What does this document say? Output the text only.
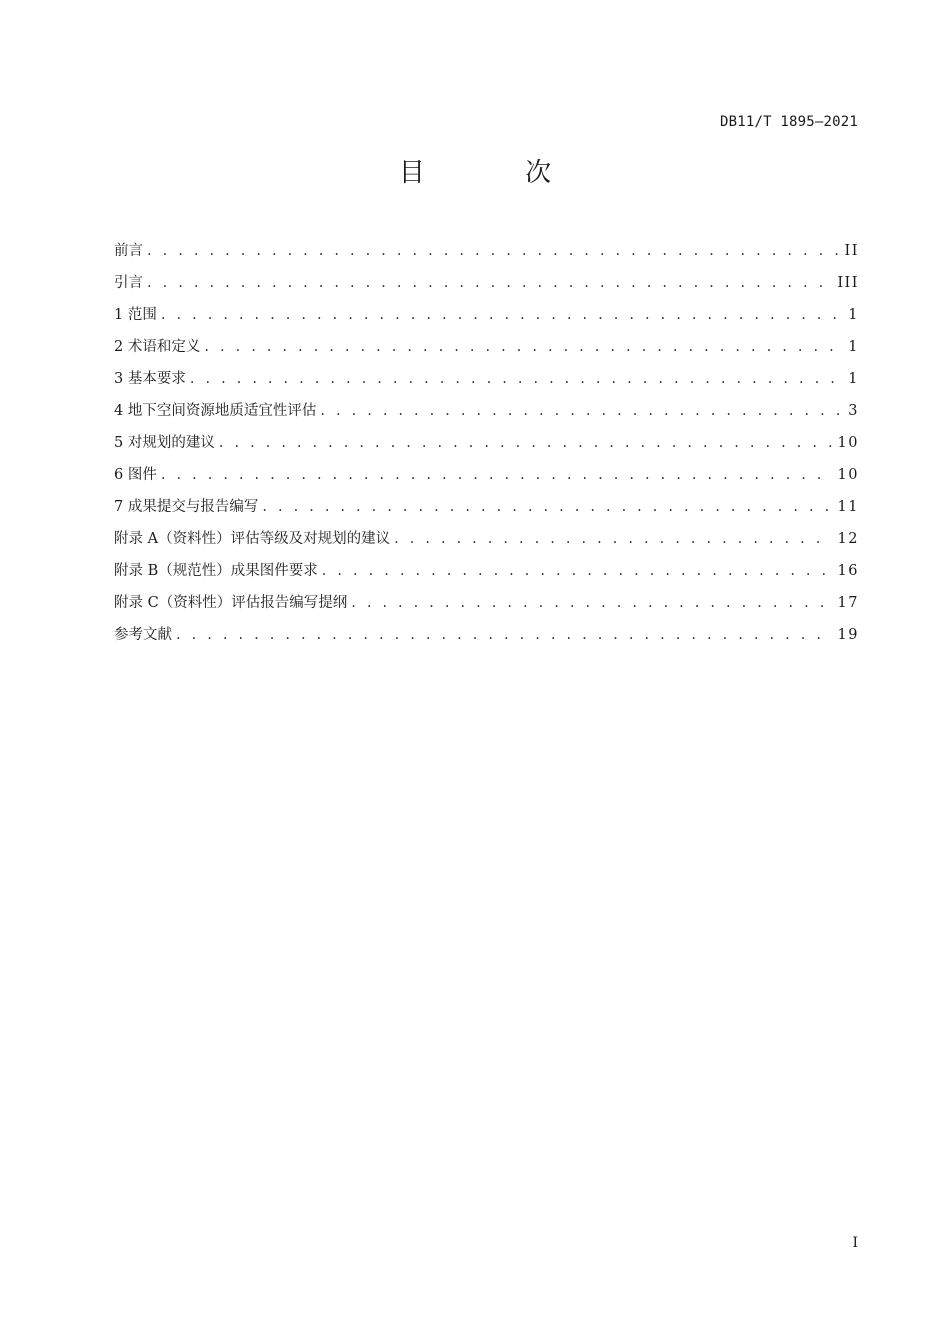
DB11/T 1895—2021
目 次
前言 . . .	II
引言 . . .	III
1 范围 . . .	1
2 术语和定义 . . .	1
3 基本要求 . . .	1
4 地下空间资源地质适宜性评估 . . .	3
5 对规划的建议 . . .	10
6 图件 . . .	10
7 成果提交与报告编写 . . .	11
附录 A（资料性）评估等级及对规划的建议 . . .	12
附录 B（规范性）成果图件要求 . . .	16
附录 C（资料性）评估报告编写提纲 . . .	17
参考文献 . . .	19
I
